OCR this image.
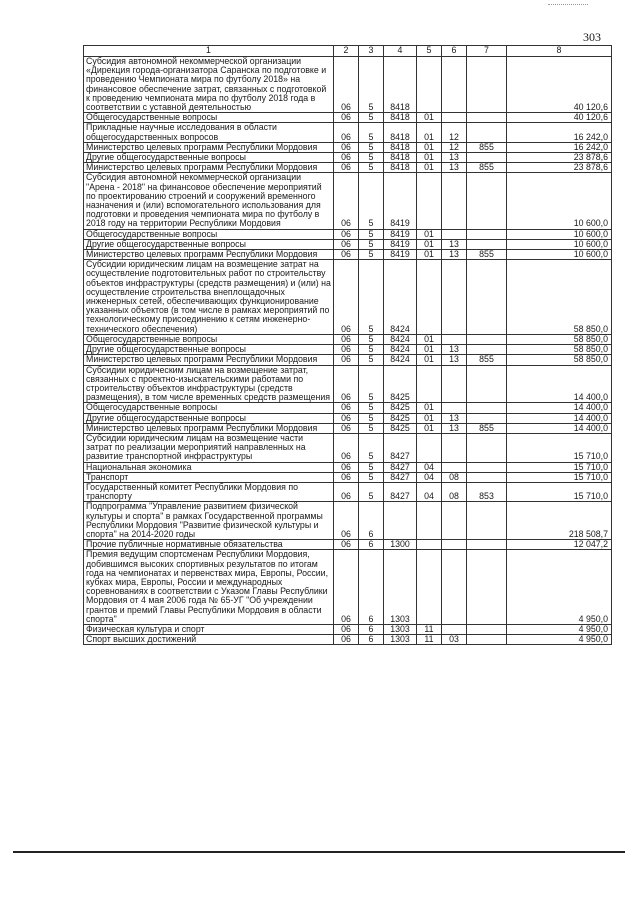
303
1	2	3	4	5	6	7	8
Субсидия автономной некоммерческой организации «Дирекция города-организатора Саранска по подготовке и проведению Чемпионата мира по футболу 2018» на финансовое обеспечение затрат, связанных с подготовкой к проведению чемпионата мира по футболу 2018 года в соответствии с уставной деятельностью	06	5	8418				40 120,6
Общегосударственные вопросы	06	5	8418	01			40 120,6
Прикладные научные исследования в области общегосударственных вопросов	06	5	8418	01	12		16 242,0
Министерство целевых программ Республики Мордовия	06	5	8418	01	12	855	16 242,0
Другие общегосударственные вопросы	06	5	8418	01	13		23 878,6
Министерство целевых программ Республики Мордовия	06	5	8418	01	13	855	23 878,6
Субсидия автономной некоммерческой организации "Арена - 2018" на финансовое обеспечение мероприятий по проектированию строений и сооружений временного назначения и (или) вспомогательного использования для подготовки и проведения чемпионата мира по футболу в 2018 году на территории Республики Мордовия	06	5	8419				10 600,0
Общегосударственные вопросы	06	5	8419	01			10 600,0
Другие общегосударственные вопросы	06	5	8419	01	13		10 600,0
Министерство целевых программ Республики Мордовия	06	5	8419	01	13	855	10 600,0
Субсидии юридическим лицам на возмещение затрат на осуществление подготовительных работ по строительству объектов инфраструктуры (средств размещения) и (или) на осуществление строительства внеплощадочных инженерных сетей, обеспечивающих функционирование указанных объектов (в том числе в рамках мероприятий по технологическому присоединению к сетям инженерно-технического обеспечения)	06	5	8424				58 850,0
Общегосударственные вопросы	06	5	8424	01			58 850,0
Другие общегосударственные вопросы	06	5	8424	01	13		58 850,0
Министерство целевых программ Республики Мордовия	06	5	8424	01	13	855	58 850,0
Субсидии юридическим лицам на возмещение затрат, связанных с проектно-изыскательскими работами по строительству объектов инфраструктуры (средств размещения), в том числе временных средств размещения	06	5	8425				14 400,0
Общегосударственные вопросы	06	5	8425	01			14 400,0
Другие общегосударственные вопросы	06	5	8425	01	13		14 400,0
Министерство целевых программ Республики Мордовия	06	5	8425	01	13	855	14 400,0
Субсидии юридическим лицам на возмещение части затрат по реализации мероприятий направленных на развитие транспортной инфраструктуры	06	5	8427				15 710,0
Национальная экономика	06	5	8427	04			15 710,0
Транспорт	06	5	8427	04	08		15 710,0
Государственный комитет Республики Мордовия по транспорту	06	5	8427	04	08	853	15 710,0
Подпрограмма "Управление развитием физической культуры и спорта" в рамках Государственной программы Республики Мордовия "Развитие физической культуры и спорта" на 2014-2020 годы	06	6					218 508,7
Прочие публичные нормативные обязательства	06	6	1300				12 047,2
Премия ведущим спортсменам Республики Мордовия, добившимся высоких спортивных результатов по итогам года на чемпионатах и первенствах мира, Европы, России, кубках мира, Европы, России и международных соревнованиях в соответствии с Указом Главы Республики Мордовия от 4 мая 2006 года № 65-УГ "Об учреждении грантов и премий Главы Республики Мордовия в области спорта"	06	6	1303				4 950,0
Физическая культура и спорт	06	6	1303	11			4 950,0
Спорт высших достижений	06	6	1303	11	03		4 950,0
